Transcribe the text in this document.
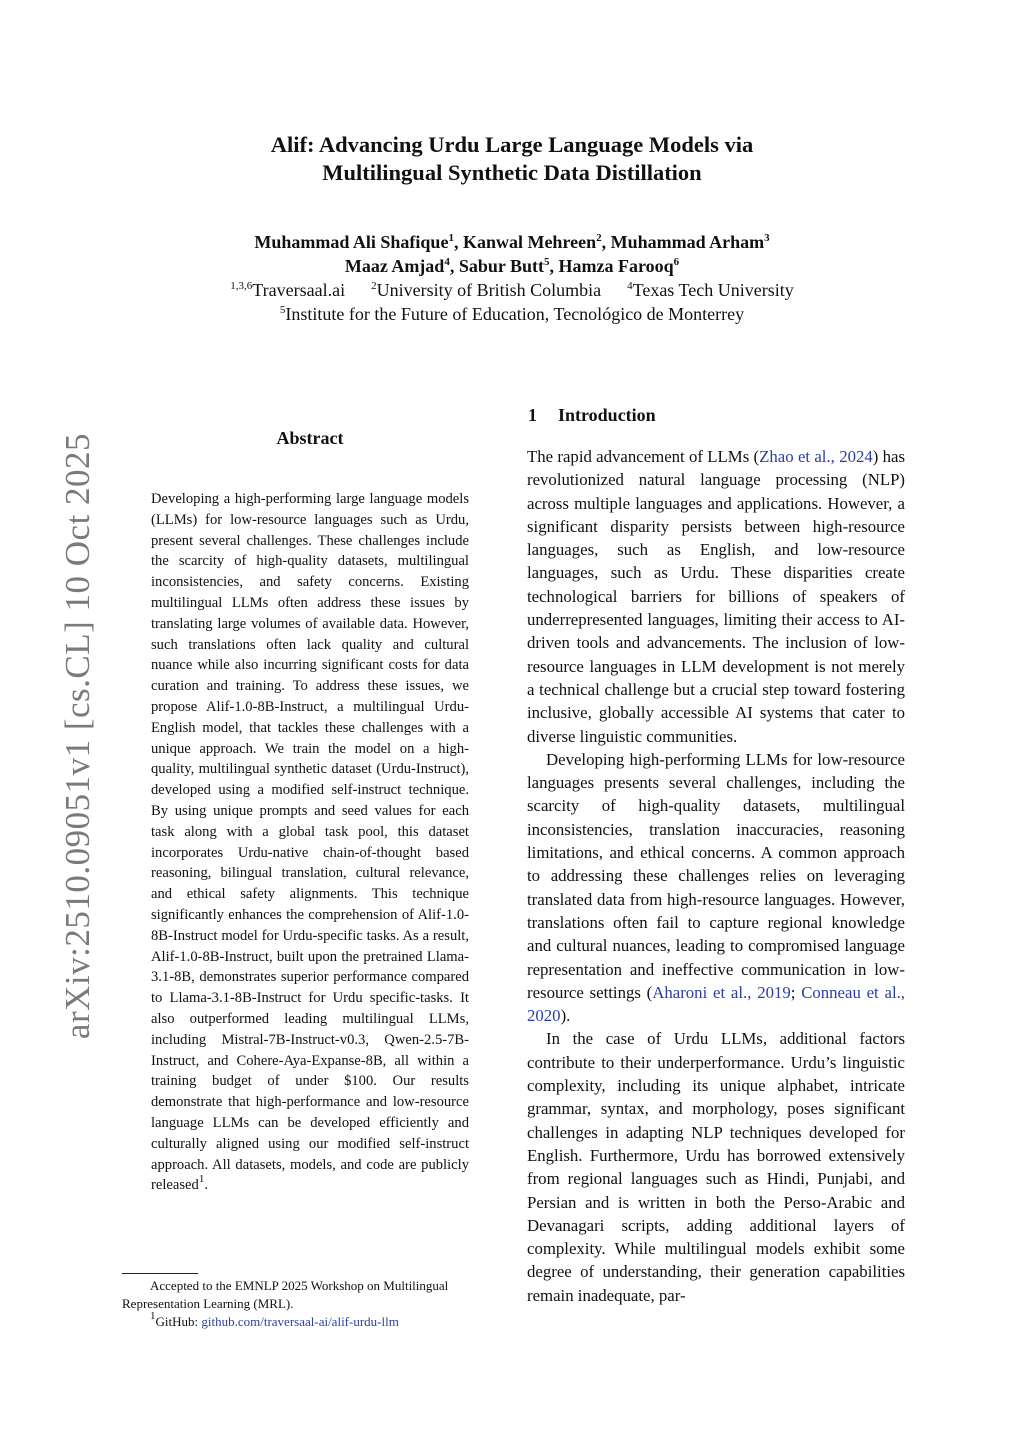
arXiv:2510.09051v1 [cs.CL] 10 Oct 2025
Alif: Advancing Urdu Large Language Models via
Multilingual Synthetic Data Distillation
Muhammad Ali Shafique$^1$, Kanwal Mehreen$^2$, Muhammad Arham$^3$
Maaz Amjad$^4$, Sabur Butt$^5$, Hamza Farooq$^6$
$^{1,3,6}$Traversaal.ai $^2$University of British Columbia $^4$Texas Tech University
$^5$Institute for the Future of Education, Tecnológico de Monterrey
Abstract
Developing a high-performing large language models (LLMs) for low-resource languages such as Urdu, present several challenges. These challenges include the scarcity of high-quality datasets, multilingual inconsistencies, and safety concerns. Existing multilingual LLMs often address these issues by translating large volumes of available data. However, such translations often lack quality and cultural nuance while also incurring significant costs for data curation and training. To address these issues, we propose Alif-1.0-8B-Instruct, a multilingual Urdu-English model, that tackles these challenges with a unique approach. We train the model on a high-quality, multilingual synthetic dataset (Urdu-Instruct), developed using a modified self-instruct technique. By using unique prompts and seed values for each task along with a global task pool, this dataset incorporates Urdu-native chain-of-thought based reasoning, bilingual translation, cultural relevance, and ethical safety alignments. This technique significantly enhances the comprehension of Alif-1.0-8B-Instruct model for Urdu-specific tasks. As a result, Alif-1.0-8B-Instruct, built upon the pretrained Llama-3.1-8B, demonstrates superior performance compared to Llama-3.1-8B-Instruct for Urdu specific-tasks. It also outperformed leading multilingual LLMs, including Mistral-7B-Instruct-v0.3, Qwen-2.5-7B-Instruct, and Cohere-Aya-Expanse-8B, all within a training budget of under $100. Our results demonstrate that high-performance and low-resource language LLMs can be developed efficiently and culturally aligned using our modified self-instruct approach. All datasets, models, and code are publicly released$^1$.

Accepted to the EMNLP 2025 Workshop on Multilingual Representation Learning (MRL).

$^1$GitHub: github.com/traversaal-ai/alif-urdu-llm

1 Introduction

The rapid advancement of LLMs (Zhao et al., 2024) has revolutionized natural language processing (NLP) across multiple languages and applications. However, a significant disparity persists between high-resource languages, such as English, and low-resource languages, such as Urdu. These disparities create technological barriers for billions of speakers of underrepresented languages, limiting their access to AI-driven tools and advancements. The inclusion of low-resource languages in LLM development is not merely a technical challenge but a crucial step toward fostering inclusive, globally accessible AI systems that cater to diverse linguistic communities.

Developing high-performing LLMs for low-resource languages presents several challenges, including the scarcity of high-quality datasets, multilingual inconsistencies, translation inaccuracies, reasoning limitations, and ethical concerns. A common approach to addressing these challenges relies on leveraging translated data from high-resource languages. However, translations often fail to capture regional knowledge and cultural nuances, leading to compromised language representation and ineffective communication in low-resource settings (Aharoni et al., 2019; Conneau et al., 2020).

In the case of Urdu LLMs, additional factors contribute to their underperformance. Urdu’s linguistic complexity, including its unique alphabet, intricate grammar, syntax, and morphology, poses significant challenges in adapting NLP techniques developed for English. Furthermore, Urdu has borrowed extensively from regional languages such as Hindi, Punjabi, and Persian and is written in both the Perso-Arabic and Devanagari scripts, adding additional layers of complexity. While multilingual models exhibit some degree of understanding, their generation capabilities remain inadequate, par-
